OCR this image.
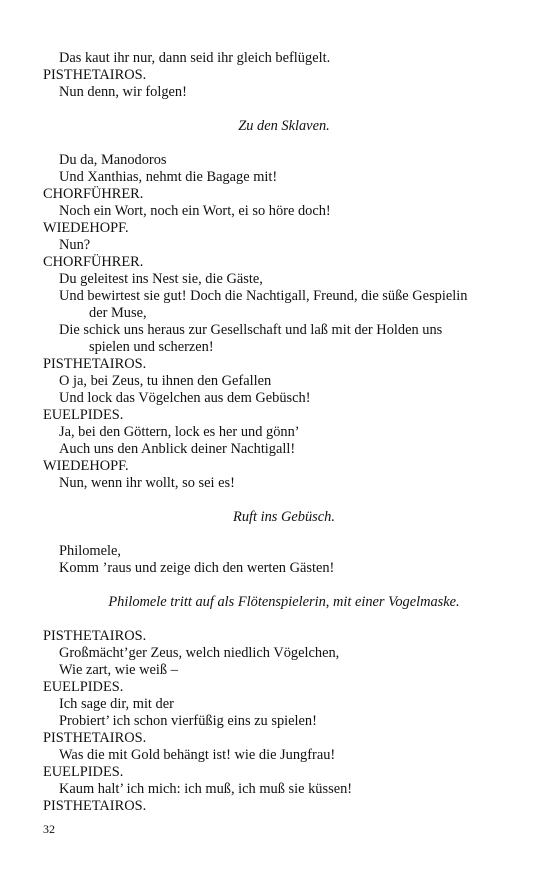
Das kaut ihr nur, dann seid ihr gleich beflügelt.
PISTHETAIROS.
Nun denn, wir folgen!
Zu den Sklaven.
Du da, Manodoros
Und Xanthias, nehmt die Bagage mit!
CHORFÜHRER.
Noch ein Wort, noch ein Wort, ei so höre doch!
WIEDEHOPF.
Nun?
CHORFÜHRER.
Du geleitest ins Nest sie, die Gäste,
Und bewirtest sie gut! Doch die Nachtigall, Freund, die süße Gespielin
der Muse,
Die schick uns heraus zur Gesellschaft und laß mit der Holden uns
spielen und scherzen!
PISTHETAIROS.
O ja, bei Zeus, tu ihnen den Gefallen
Und lock das Vögelchen aus dem Gebüsch!
EUELPIDES.
Ja, bei den Göttern, lock es her und gönn’
Auch uns den Anblick deiner Nachtigall!
WIEDEHOPF.
Nun, wenn ihr wollt, so sei es!
Ruft ins Gebüsch.
Philomele,
Komm ’raus und zeige dich den werten Gästen!
Philomele tritt auf als Flötenspielerin, mit einer Vogelmaske.
PISTHETAIROS.
Großmächt’ger Zeus, welch niedlich Vögelchen,
Wie zart, wie weiß –
EUELPIDES.
Ich sage dir, mit der
Probiert’ ich schon vierfüßig eins zu spielen!
PISTHETAIROS.
Was die mit Gold behängt ist! wie die Jungfrau!
EUELPIDES.
Kaum halt’ ich mich: ich muß, ich muß sie küssen!
PISTHETAIROS.
32
